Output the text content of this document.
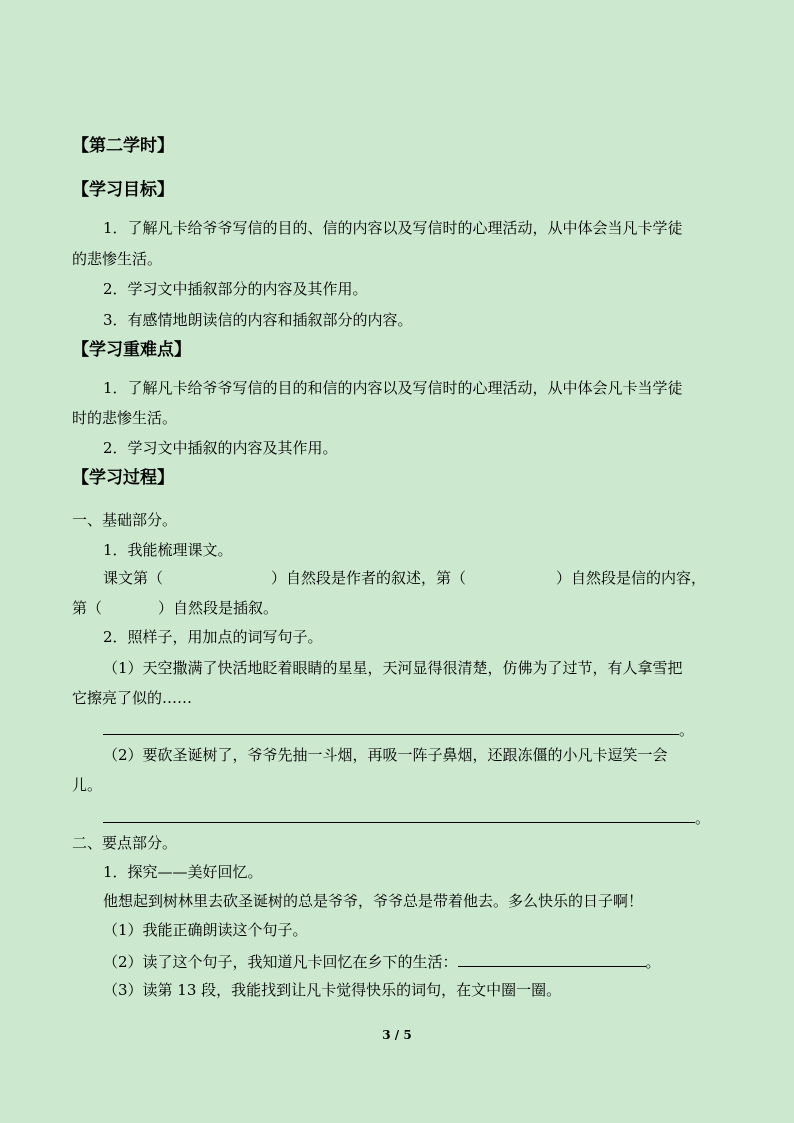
【第二学时】
【学习目标】
1．了解凡卡给爷爷写信的目的、信的内容以及写信时的心理活动，从中体会当凡卡学徒
的悲惨生活。
2．学习文中插叙部分的内容及其作用。
3．有感情地朗读信的内容和插叙部分的内容。
【学习重难点】
1．了解凡卡给爷爷写信的目的和信的内容以及写信时的心理活动，从中体会凡卡当学徒
时的悲惨生活。
2．学习文中插叙的内容及其作用。
【学习过程】
一、基础部分。
1．我能梳理课文。
课文第（	）自然段是作者的叙述，第（	）自然段是信的内容，
第（	）自然段是插叙。
2．照样子，用加点的词写句子。
（1）天空撒满了快活地眨着眼睛的星星，天河显得很清楚，仿佛为了过节，有人拿雪把
它擦亮了似的……
。
（2）要砍圣诞树了，爷爷先抽一斗烟，再吸一阵子鼻烟，还跟冻僵的小凡卡逗笑一会
儿。
。
二、要点部分。
1．探究——美好回忆。
他想起到树林里去砍圣诞树的总是爷爷，爷爷总是带着他去。多么快乐的日子啊！
（1）我能正确朗读这个句子。
（2）读了这个句子，我知道凡卡回忆在乡下的生活：	。
（3）读第 13 段，我能找到让凡卡觉得快乐的词句，在文中圈一圈。
3 / 5
